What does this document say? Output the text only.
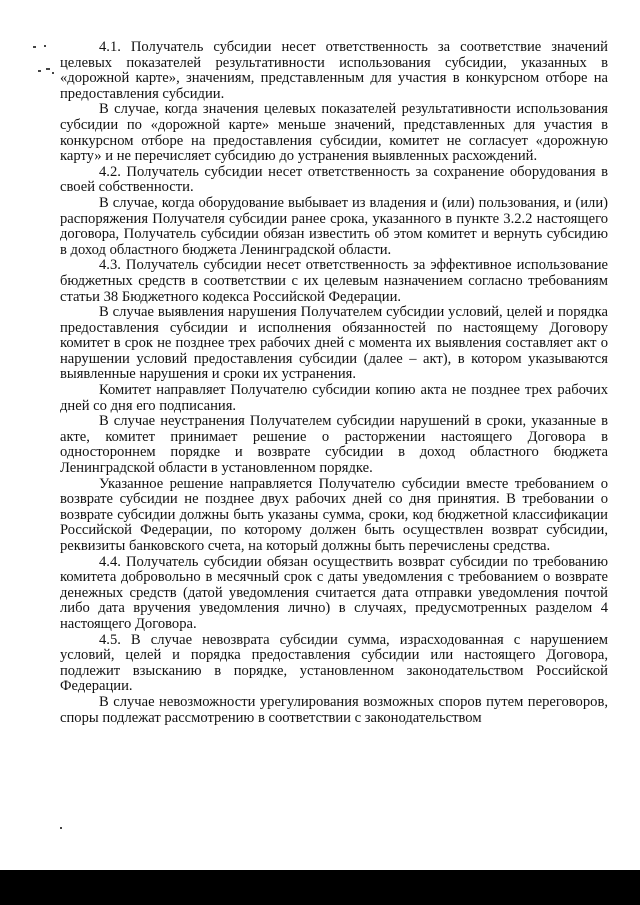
4.1. Получатель субсидии несет ответственность за соответствие значений целевых показателей результативности использования субсидии, указанных в «дорожной карте», значениям, представленным для участия в конкурсном отборе на предоставления субсидии.

В случае, когда значения целевых показателей результативности использования субсидии по «дорожной карте» меньше значений, представленных для участия в конкурсном отборе на предоставления субсидии, комитет не согласует «дорожную карту» и не перечисляет субсидию до устранения выявленных расхождений.

4.2. Получатель субсидии несет ответственность за сохранение оборудования в своей собственности.

В случае, когда оборудование выбывает из владения и (или) пользования, и (или) распоряжения Получателя субсидии ранее срока, указанного в пункте 3.2.2 настоящего договора, Получатель субсидии обязан известить об этом комитет и вернуть субсидию в доход областного бюджета Ленинградской области.

4.3. Получатель субсидии несет ответственность за эффективное использование бюджетных средств в соответствии с их целевым назначением согласно требованиям статьи 38 Бюджетного кодекса Российской Федерации.

В случае выявления нарушения Получателем субсидии условий, целей и порядка предоставления субсидии и исполнения обязанностей по настоящему Договору комитет в срок не позднее трех рабочих дней с момента их выявления составляет акт о нарушении условий предоставления субсидии (далее – акт), в котором указываются выявленные нарушения и сроки их устранения.

Комитет направляет Получателю субсидии копию акта не позднее трех рабочих дней со дня его подписания.

В случае неустранения Получателем субсидии нарушений в сроки, указанные в акте, комитет принимает решение о расторжении настоящего Договора в одностороннем порядке и возврате субсидии в доход областного бюджета Ленинградской области в установленном порядке.

Указанное решение направляется Получателю субсидии вместе требованием о возврате субсидии не позднее двух рабочих дней со дня принятия. В требовании о возврате субсидии должны быть указаны сумма, сроки, код бюджетной классификации Российской Федерации, по которому должен быть осуществлен возврат субсидии, реквизиты банковского счета, на который должны быть перечислены средства.

4.4. Получатель субсидии обязан осуществить возврат субсидии по требованию комитета добровольно в месячный срок с даты уведомления с требованием о возврате денежных средств (датой уведомления считается дата отправки уведомления почтой либо дата вручения уведомления лично) в случаях, предусмотренных разделом 4 настоящего Договора.

4.5. В случае невозврата субсидии сумма, израсходованная с нарушением условий, целей и порядка предоставления субсидии или настоящего Договора, подлежит взысканию в порядке, установленном законодательством Российской Федерации.

В случае невозможности урегулирования возможных споров путем переговоров, споры подлежат рассмотрению в соответствии с законодательством
